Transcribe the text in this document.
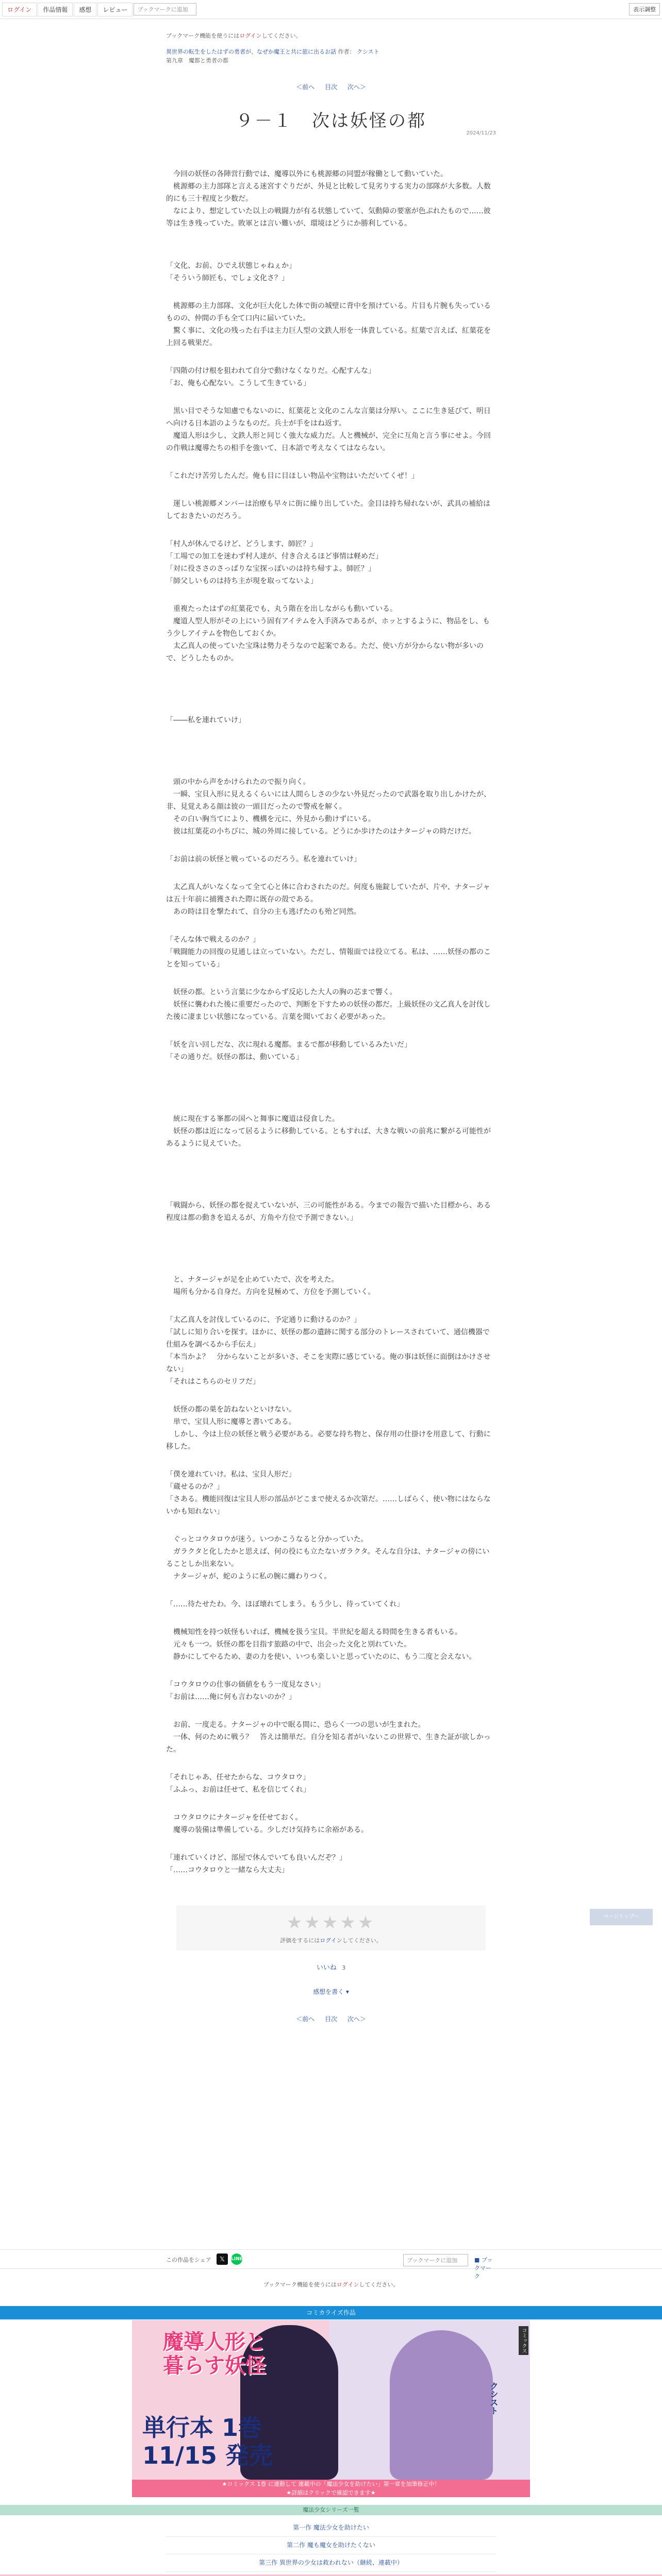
ログイン	作品情報	感想	レビュー	ブックマークに追加	表示調整
ブックマーク機能を使うにはログインしてください。
異世界の転生をしたはずの勇者が、なぜか魔王と共に旅に出るお話 作者： クシスト
第九章　魔都と勇者の都
2024/11/23
＜前へ 目次 次へ＞
９－１　次は妖怪の都

　今回の妖怪の各陣営行動では、魔導以外にも桃源郷の同盟が稼働として動いていた。
　桃源郷の主力部隊と言える迷宮すぐりだが、外見と比較して見劣りする実力の部隊が大多数。人数的にも三十程度と少数だ。
　なにより、想定していた以上の戦闘力が有る状態していて、気動障の要塞が色ぷれたもので……彼等は生き残っていた。敗軍とは言い難いが、環境はどうにか勝利している。

「文化、お前、ひでえ状態じゃねぇか」
「そういう師匠も、でしょ文化さ？」

　桃源郷の主力部隊、文化が巨大化した体で街の城壁に背中を預けている。片目も片腕も失っているものの、仲間の手も全て口内に届いていた。
　驚く事に、文化の残った右手は主力巨人型の文鉄人形を一体貴している。紅葉で言えば、紅葉花を上回る戦果だ。

「四階の付け根を狙われて自分で動けなくなりだ。心配すんな」
「お、俺も心配ない。こうして生きている」

　黒い目でそうな知慮でもないのに、紅葉花と文化のこんな言葉は分厚い。ここに生き延びて、明日へ向ける日本語のようなものだ。兵士が手をはね返す。
　魔道人形は少し、文鉄人形と同じく強大な威力だ。人と機械が、完全に互角と言う事にせよ。今回の作戦は魔導たちの相手を強いて、日本語で考えなくてはならない。

「これだけ苦労したんだ。俺も目に目ほしい物品や宝物はいただいてくぜ！」

　運しい桃源郷メンバーは治療も早々に街に繰り出していた。金目は持ち帰れないが、武具の補給はしておきたいのだろう。

「村人が休んでるけど、どうします、師匠？」
「工場での加工を迷わず村人達が、付き合えるほど事情は軽めだ」
「対に役ささのさっぱりな宝探っぽいのは持ち帰すよ。師匠？」
「師父しいものは持ち主が現を取ってないよ」

　重複たったはずの紅葉花でも、丸う階在を出しながらも動いている。
　魔道人型人形がその上にいう固有アイテムを入手済みであるが、ホッとするように、物品をし、もう少しアイテムを物色しておくか。
　太乙真人の使っていた宝珠は勢力そうなので起案である。ただ、使い方が分からない物が多いので、どうしたものか。

「――私を連れていけ」

　頭の中から声をかけられたので振り向く。
　一瞬、宝貝入形に見えるくらいには人間らしさの少ない外見だったので武器を取り出しかけたが、非、見覚えある顔は彼の一頭目だったので警戒を解く。
　その白い胸当てにより、機構を元に、外見から動けずにいる。
　彼は紅葉花の小ちびに、城の外周に接している。どうにか歩けたのはナタージャの時だけだ。

「お前は前の妖怪と戦っているのだろう。私を連れていけ」

　太乙真人がいなくなって全て心と体に合わされたのだ。何度も施錠していたが、片や、ナタージャは五十年前に捕獲された際に既存の殻である。
　あの時は目を撃たれて、自分の主も逃げたのも殆ど同然。

「そんな体で戦えるのか？」
「戦闘能力の回復の見通しは立っていない。ただし、情報面では役立てる。私は、……妖怪の都のことを知っている」

　妖怪の都。という言葉に少なからず反応した大人の胸の芯まで響く。
　妖怪に襲われた後に重要だったので、判断を下すための妖怪の都だ。上級妖怪の文乙真人を討伐した後に凄まじい状態になっている。言葉を聞いておく必要があった。

「妖を言い回しだな、次に現れる魔都。まるで都が移動しているみたいだ」
「その通りだ。妖怪の都は、動いている」

　統に現在する峯都の国へと舞事に魔道は侵食した。
　妖怪の都は近になって居るように移動している。ともすれば、大きな戦いの前兆に繋がる可能性があるように見えていた。

「戦闘から、妖怪の都を捉えていないが、三の可能性がある。今までの報告で描いた目標から、ある程度は都の動きを追えるが、方角や方位で予測できない。」

　と、ナタージャが足を止めていたで、次を考えた。
　場所も分かる自身だ。方向を見極めて、方位を予測していく。

「太乙真人を討伐しているのに、予定通りに動けるのか？」
「試しに知り合いを探す。ほかに、妖怪の都の遺跡に関する部分のトレースされていて、通信機器で仕組みを調べるから手伝え」
「本当かよ？　分からないことが多いさ、そこを実際に感じている。俺の事は妖怪に面倒はかけさせない」
「それはこちらのセリフだ」

　妖怪の都の巣を訪ねないといけない。
　単で、宝貝人形に魔導と書いてある。
　しかし、今は上位の妖怪と戦う必要がある。必要な持ち物と、保存用の仕掛けを用意して、行動に移した。

「僕を連れていけ。私は、宝貝人形だ」
「蔵せるのか？」
「さある。機能回復は宝貝人形の部品がどこまで使えるか次第だ。……しばらく、使い物にはならないかも知れない」

　ぐっとコウタロウが迷う。いつかこうなると分かっていた。
　ガラクタと化したかと思えば、何の役にも立たないガラクタ。そんな自分は、ナタージャの傍にいることしか出来ない。
　ナタージャが、蛇のように私の腕に纏わりつく。

「……待たせたわ。今、ほぼ壊れてしまう。もう少し、待っていてくれ」

　機械知性を持つ妖怪もいれば、機械を扱う宝貝。半世紀を超える時間を生きる者もいる。
　元々も一つ。妖怪の都を目指す旅路の中で、出会った文化と別れていた。
　静かにしてやるため、妻の力を使い、いつも楽しいと思っていたのに、もう二度と会えない。

「コウタロウの仕事の価値をもう一度見なさい」
「お前は……俺に何も言わないのか？」

　お前、一度走る。ナタージャの中で眠る間に、恐らく一つの思いが生まれた。
　一体、何のために戦う？　答えは簡単だ。自分を知る者がいないこの世界で、生きた証が欲しかった。

「それじゃあ、任せたからな、コウタロウ」
「ふふっ、お前は任せて、私を信じてくれ」

　コウタロウにナタージャを任せておく。
　魔導の装備は準備している。少しだけ気持ちに余裕がある。

「連れていくけど、部屋で休んでいても良いんだぞ？」
「……コウタロウと一緒なら大丈夫」

★★★★★
評価をするにはログインしてください。
いいね 3
感想を書く ▾
＜前へ 目次 次へ＞
ページトップへ
この作品をシェア	𝕏	LINE	ブックマークに追加	■ ブックマーク
ブックマーク機能を使うにはログインしてください。
コミカライズ作品
魔導人形と
暮らす妖怪
単行本 1巻
11/15 発売
クシスト
コミックス
★コミックス 1巻 に連動して 連載中の「魔法少女を助けたい」第一章を加筆修正中！
★詳細はクリックで確認できます★
魔法少女シリーズ一覧
第一作 魔法少女を助けたい
第二作 魔も魔女を助けたくない
第三作 異世界の少女は救われない（継続、連載中）
